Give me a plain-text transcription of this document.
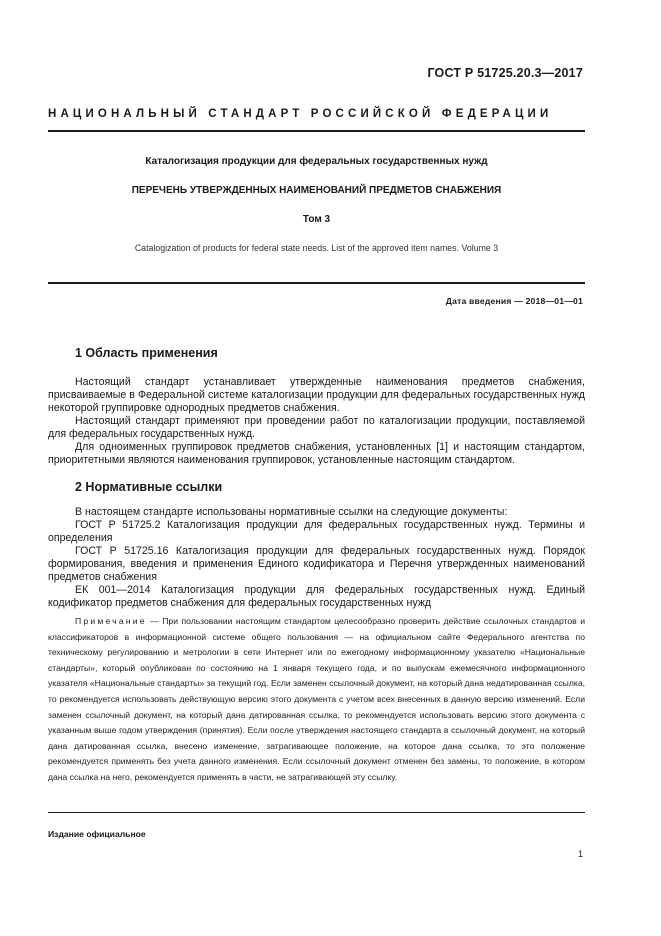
ГОСТ Р 51725.20.3—2017
НАЦИОНАЛЬНЫЙ СТАНДАРТ РОССИЙСКОЙ ФЕДЕРАЦИИ
Каталогизация продукции для федеральных государственных нужд
ПЕРЕЧЕНЬ УТВЕРЖДЕННЫХ НАИМЕНОВАНИЙ ПРЕДМЕТОВ СНАБЖЕНИЯ
Том 3
Catalogization of products for federal state needs. List of the approved item names. Volume 3
Дата введения — 2018—01—01
1 Область применения

Настоящий стандарт устанавливает утвержденные наименования предметов снабжения, присваиваемые в Федеральной системе каталогизации продукции для федеральных государственных нужд некоторой группировке однородных предметов снабжения.

Настоящий стандарт применяют при проведении работ по каталогизации продукции, поставляемой для федеральных государственных нужд.

Для одноименных группировок предметов снабжения, установленных [1] и настоящим стандартом, приоритетными являются наименования группировок, установленные настоящим стандартом.

2 Нормативные ссылки

В настоящем стандарте использованы нормативные ссылки на следующие документы:

ГОСТ Р 51725.2 Каталогизация продукции для федеральных государственных нужд. Термины и определения

ГОСТ Р 51725.16 Каталогизация продукции для федеральных государственных нужд. Порядок формирования, введения и применения Единого кодификатора и Перечня утвержденных наименований предметов снабжения

ЕК 001—2014 Каталогизация продукции для федеральных государственных нужд. Единый кодификатор предметов снабжения для федеральных государственных нужд

Примечание — При пользовании настоящим стандартом целесообразно проверить действие ссылочных стандартов и классификаторов в информационной системе общего пользования — на официальном сайте Федерального агентства по техническому регулированию и метрологии в сети Интернет или по ежегодному информационному указателю «Национальные стандарты», который опубликован по состоянию на 1 января текущего года, и по выпускам ежемесячного информационного указателя «Национальные стандарты» за текущий год. Если заменен ссылочный документ, на который дана недатированная ссылка, то рекомендуется использовать действующую версию этого документа с учетом всех внесенных в данную версию изменений. Если заменен ссылочный документ, на который дана датированная ссылка, то рекомендуется использовать версию этого документа с указанным выше годом утверждения (принятия). Если после утверждения настоящего стандарта в ссылочный документ, на который дана датированная ссылка, внесено изменение, затрагивающее положение, на которое дана ссылка, то это положение рекомендуется применять без учета данного изменения. Если ссылочный документ отменен без замены, то положение, в котором дана ссылка на него, рекомендуется применять в части, не затрагивающей эту ссылку.

Издание официальное
1
